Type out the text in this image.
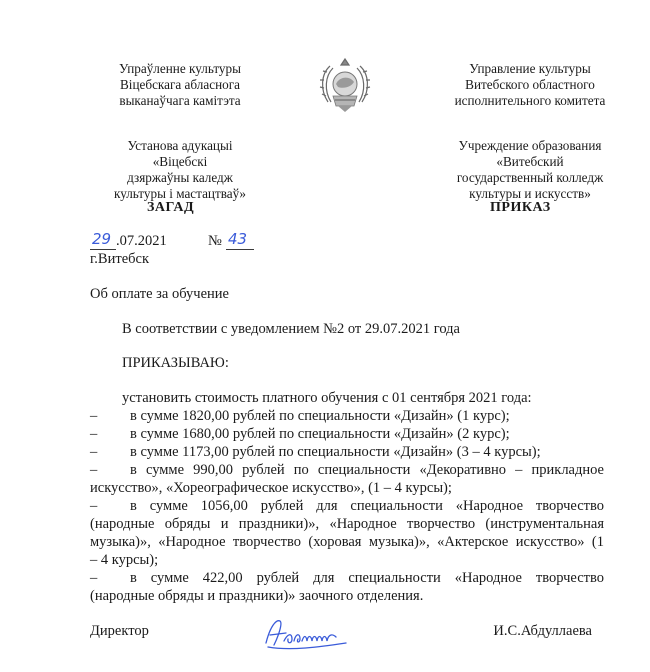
Упраўленне культуры
Віцебскага абласнога
выканаўчага камітэта
Установа адукацыі
«Віцебскі
дзяржаўны каледж
культуры і мастацтваў»
Управление культуры
Витебского областного
исполнительного комитета
Учреждение образования
«Витебский
государственный колледж
культуры и искусств»
ЗАГАД	ПРИКАЗ
29 .07.2021	№ 43
г.Витебск
Об оплате за обучение
В соответствии с уведомлением №2 от 29.07.2021 года
ПРИКАЗЫВАЮ:
установить стоимость платного обучения с 01 сентября 2021 года:
– в сумме 1820,00 рублей по специальности «Дизайн» (1 курс);
– в сумме 1680,00 рублей по специальности «Дизайн» (2 курс);
– в сумме 1173,00 рублей по специальности «Дизайн» (3 – 4 курсы);
– в сумме 990,00 рублей по специальности «Декоративно – прикладное
искусство», «Хореографическое искусство», (1 – 4 курсы);
– в сумме 1056,00 рублей для специальности «Народное творчество
(народные обряды и праздники)», «Народное творчество (инструментальная
музыка)», «Народное творчество (хоровая музыка)», «Актерское искусство» (1
– 4 курсы);
– в сумме 422,00 рублей для специальности «Народное творчество
(народные обряды и праздники)» заочного отделения.
Директор	И.С.Абдуллаева
